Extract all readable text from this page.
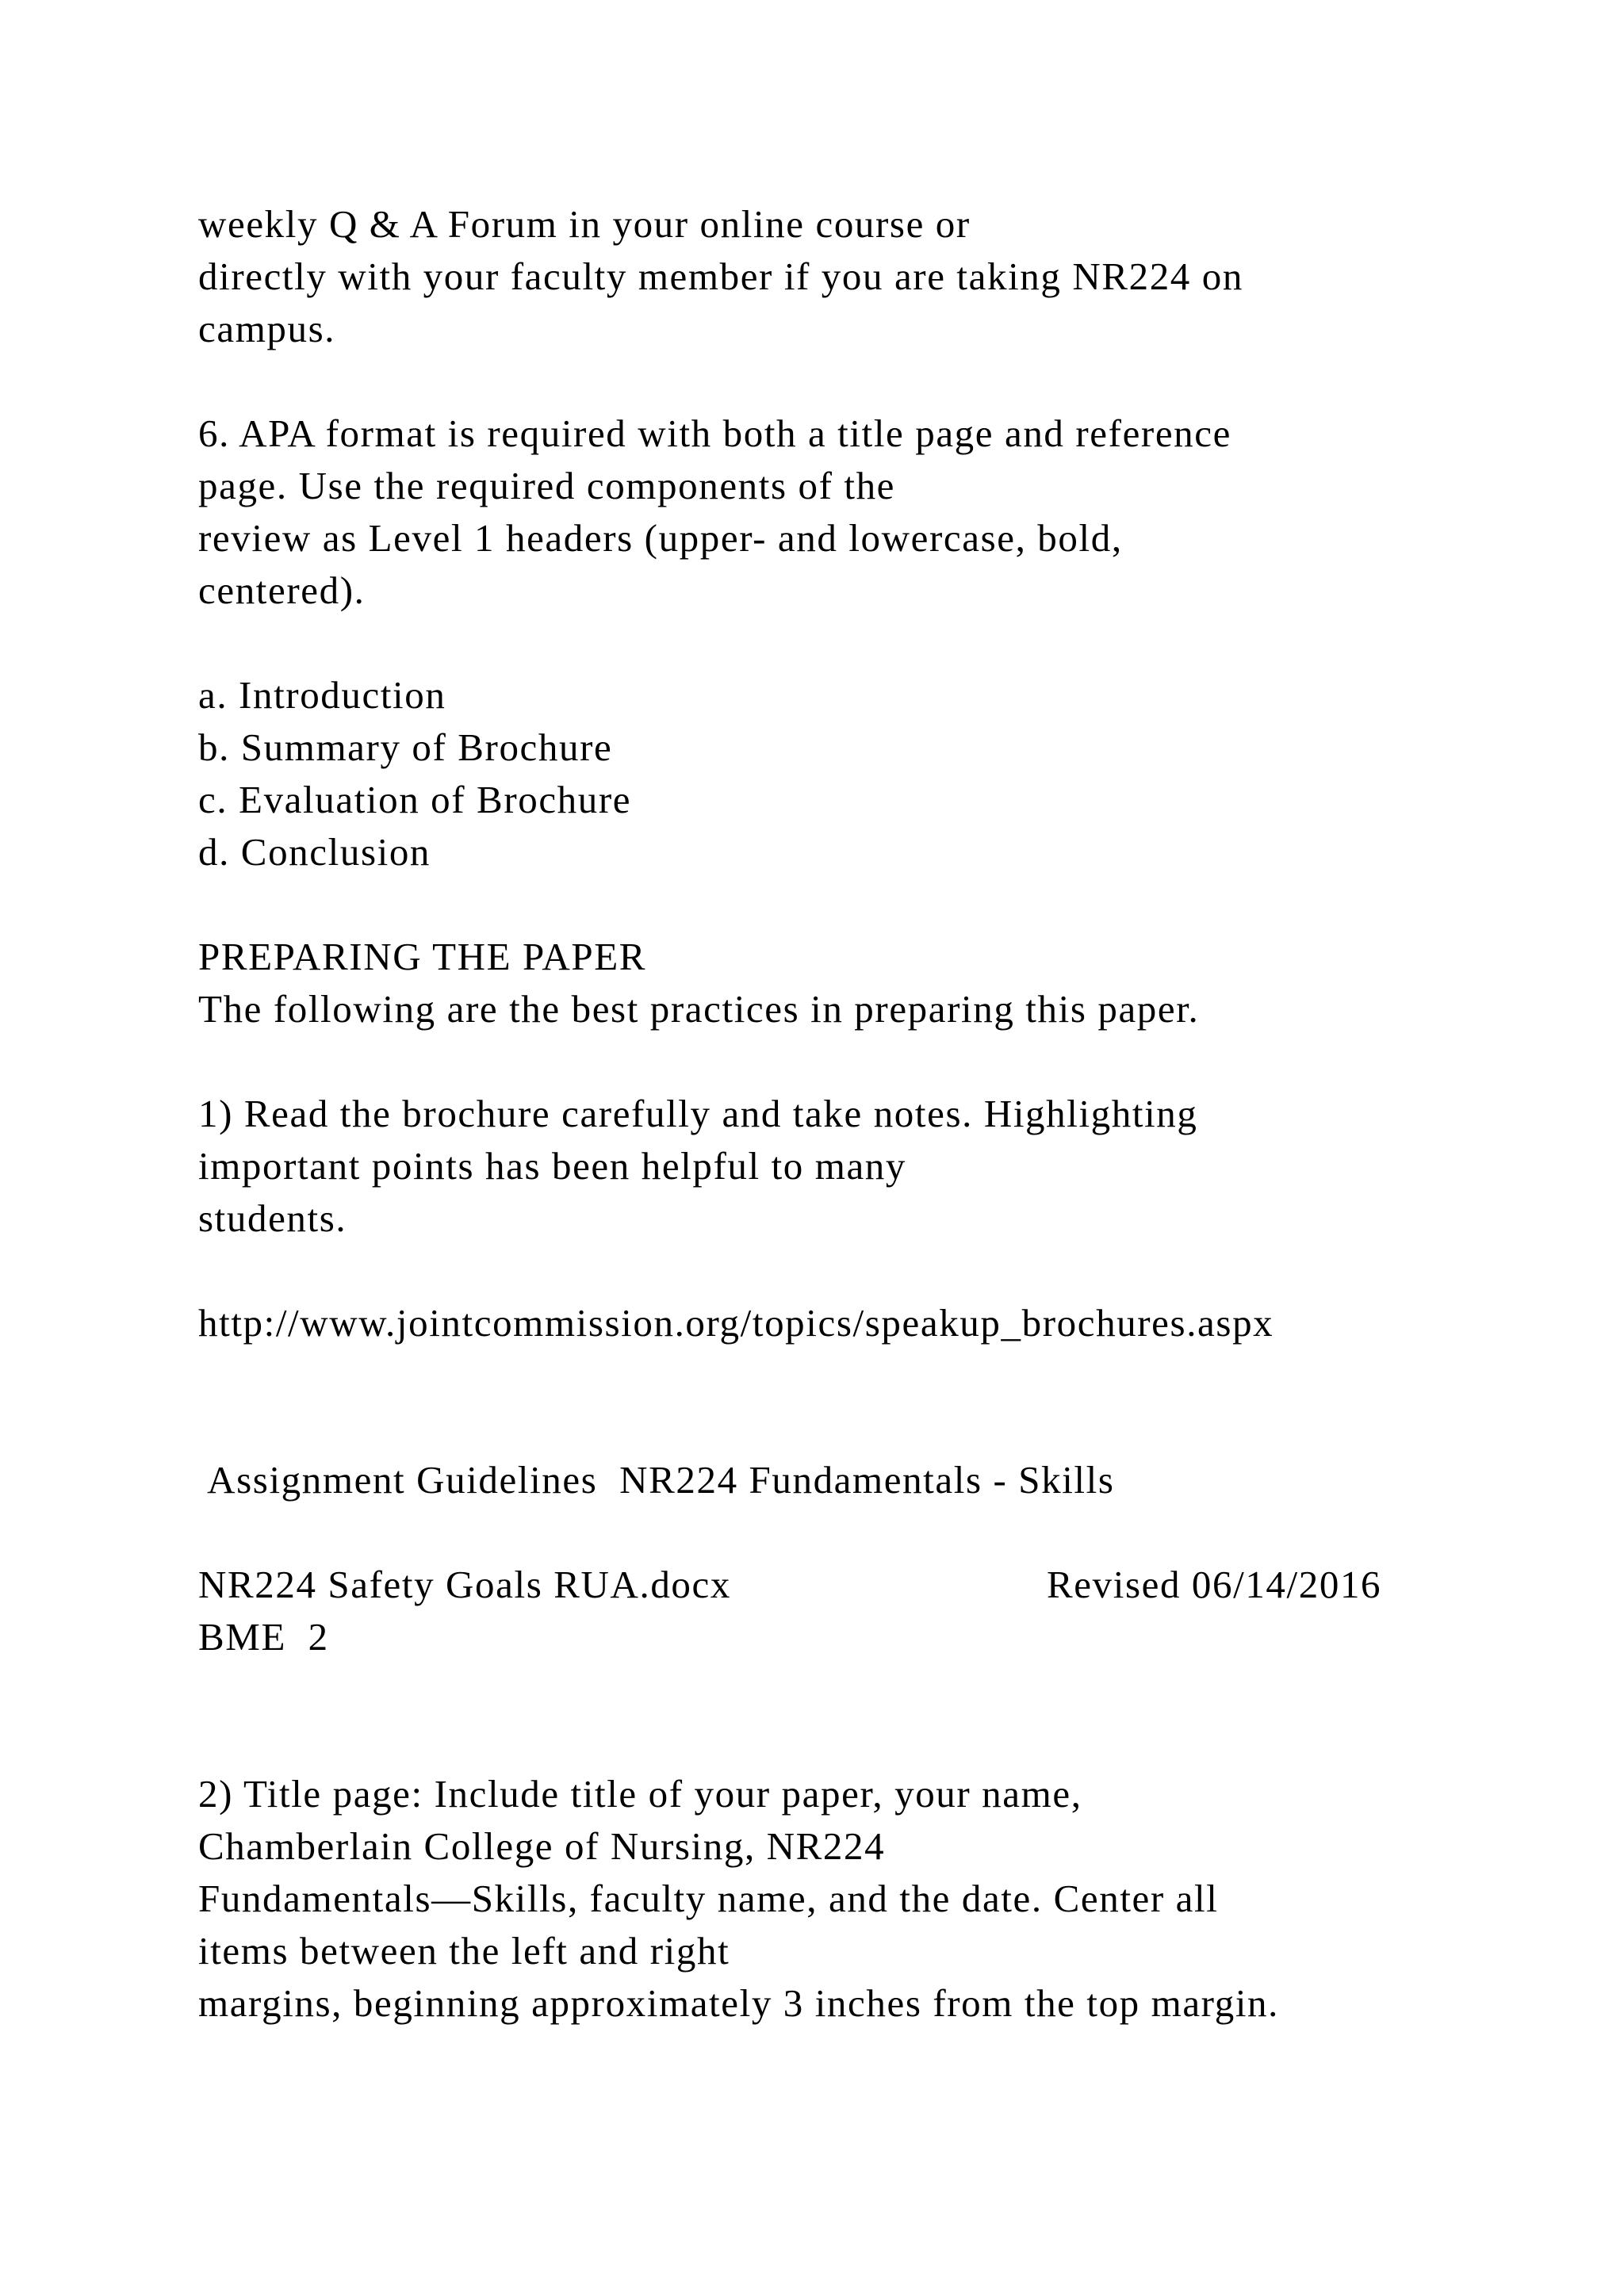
weekly Q & A Forum in your online course or
directly with your faculty member if you are taking NR224 on
campus.
6. APA format is required with both a title page and reference
page. Use the required components of the
review as Level 1 headers (upper- and lowercase, bold,
centered).
a. Introduction
b. Summary of Brochure
c. Evaluation of Brochure
d. Conclusion
PREPARING THE PAPER
The following are the best practices in preparing this paper.
1) Read the brochure carefully and take notes. Highlighting
important points has been helpful to many
students.
http://www.jointcommission.org/topics/speakup_brochures.aspx
Assignment Guidelines  NR224 Fundamentals - Skills
NR224 Safety Goals RUA.docx	Revised 06/14/2016
BME  2
2) Title page: Include title of your paper, your name,
Chamberlain College of Nursing, NR224
Fundamentals—Skills, faculty name, and the date. Center all
items between the left and right
margins, beginning approximately 3 inches from the top margin.
